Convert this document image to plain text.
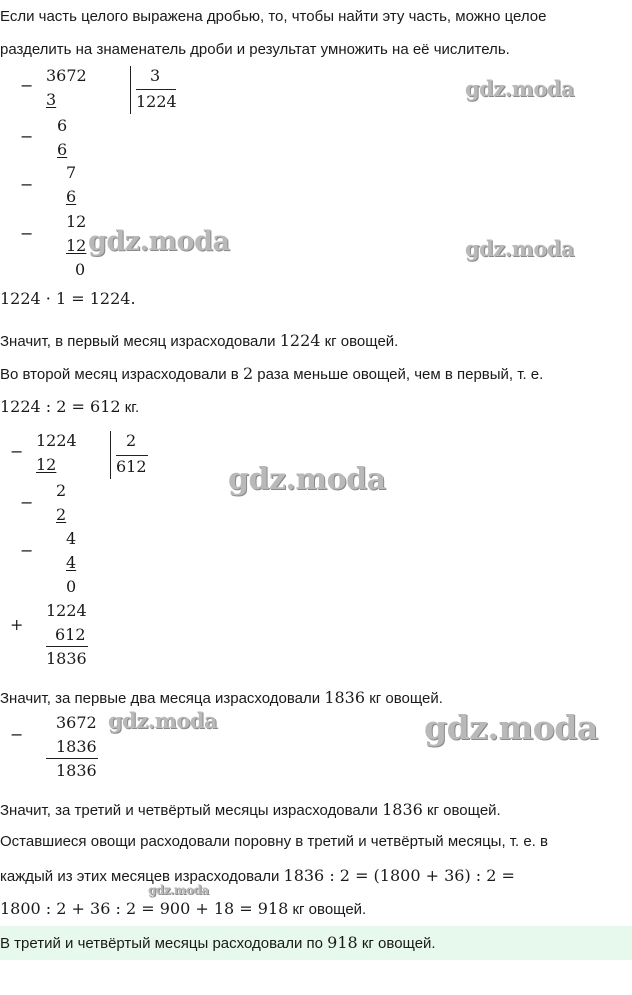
Если часть целого выражена дробью, то, чтобы найти эту часть, можно целое
разделить на знаменатель дроби и результат умножить на её числитель.
−
3672
3
3
1224
−
6
6
−
7
6
−
12
12
0
gdz.moda
gdz.moda	gdz.moda
gdz.moda
gdz.moda	gdz.moda
gdz.moda
1224 · 1 = 1224.
Значит, в первый месяц израсходовали 1224 кг овощей.
Во второй месяц израсходовали в 2 раза меньше овощей, чем в первый, т. е.
1224 : 2 = 612 кг.
−
1224
12
2
612
−
2
2
−
4
4
0
+
1224
612
1836
Значит, за первые два месяца израсходовали 1836 кг овощей.
−
3672
1836
1836
Значит, за третий и четвёртый месяцы израсходовали 1836 кг овощей.
Оставшиеся овощи расходовали поровну в третий и четвёртый месяцы, т. е. в
каждый из этих месяцев израсходовали 1836 : 2 = (1800 + 36) : 2 =
1800 : 2 + 36 : 2 = 900 + 18 = 918 кг овощей.
В третий и четвёртый месяцы расходовали по 918 кг овощей.
